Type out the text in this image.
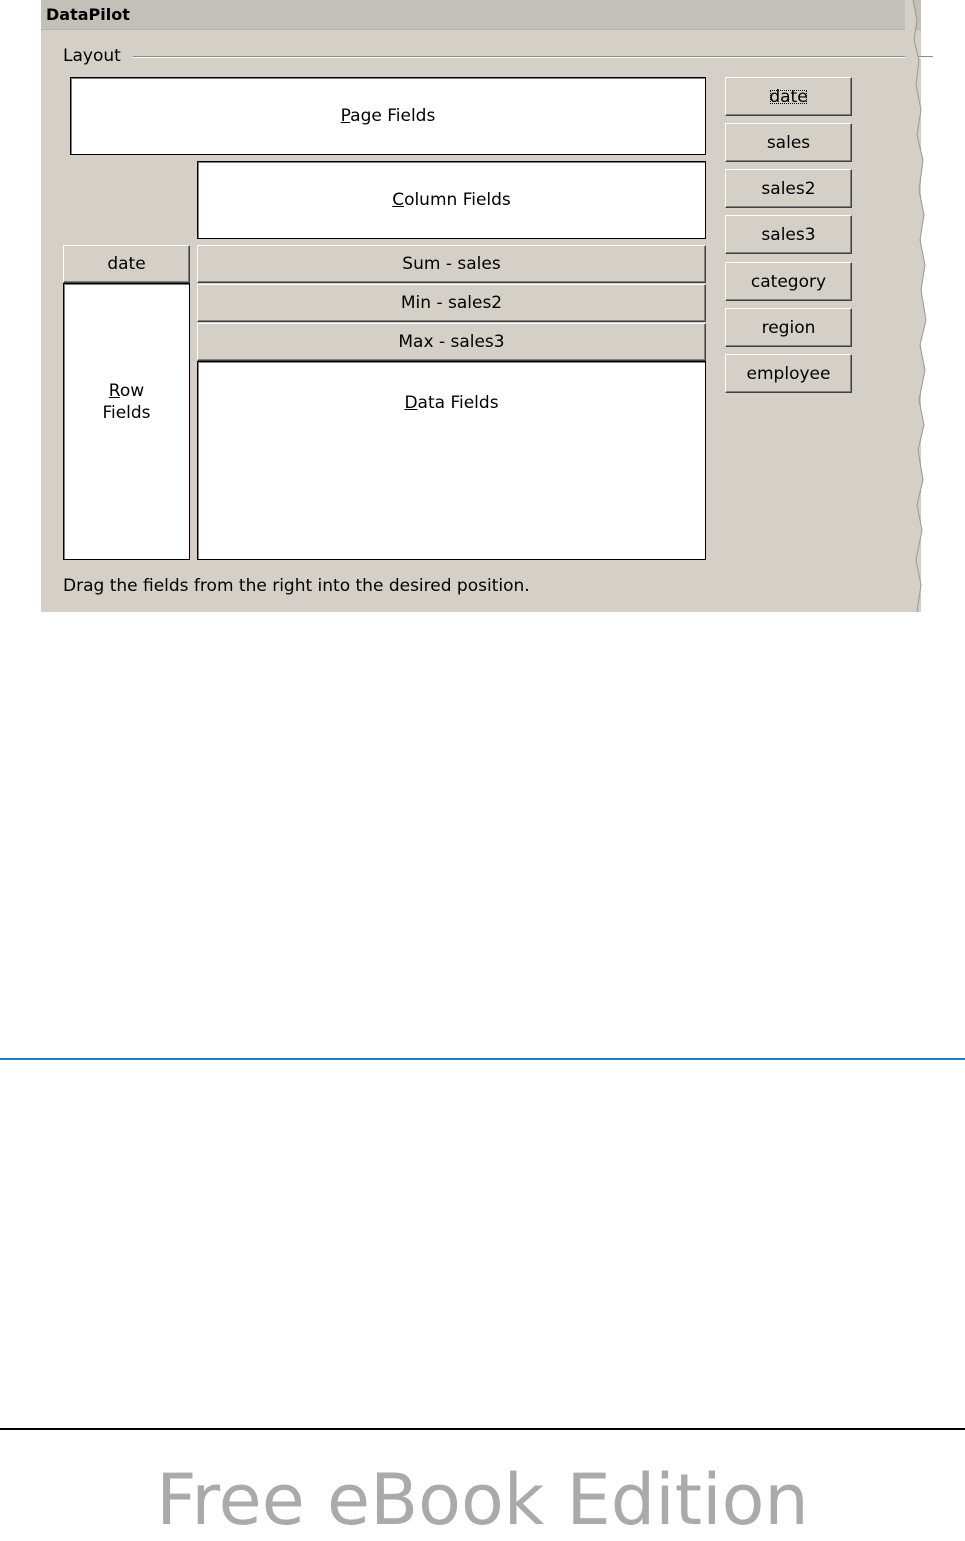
DataPilot
Layout
Page Fields
Column Fields
date
Row
Fields
Sum - sales
Min - sales2
Max - sales3
Data Fields
date
sales
sales2
sales3
category
region
employee
Drag the fields from the right into the desired position.
Free eBook Edition
